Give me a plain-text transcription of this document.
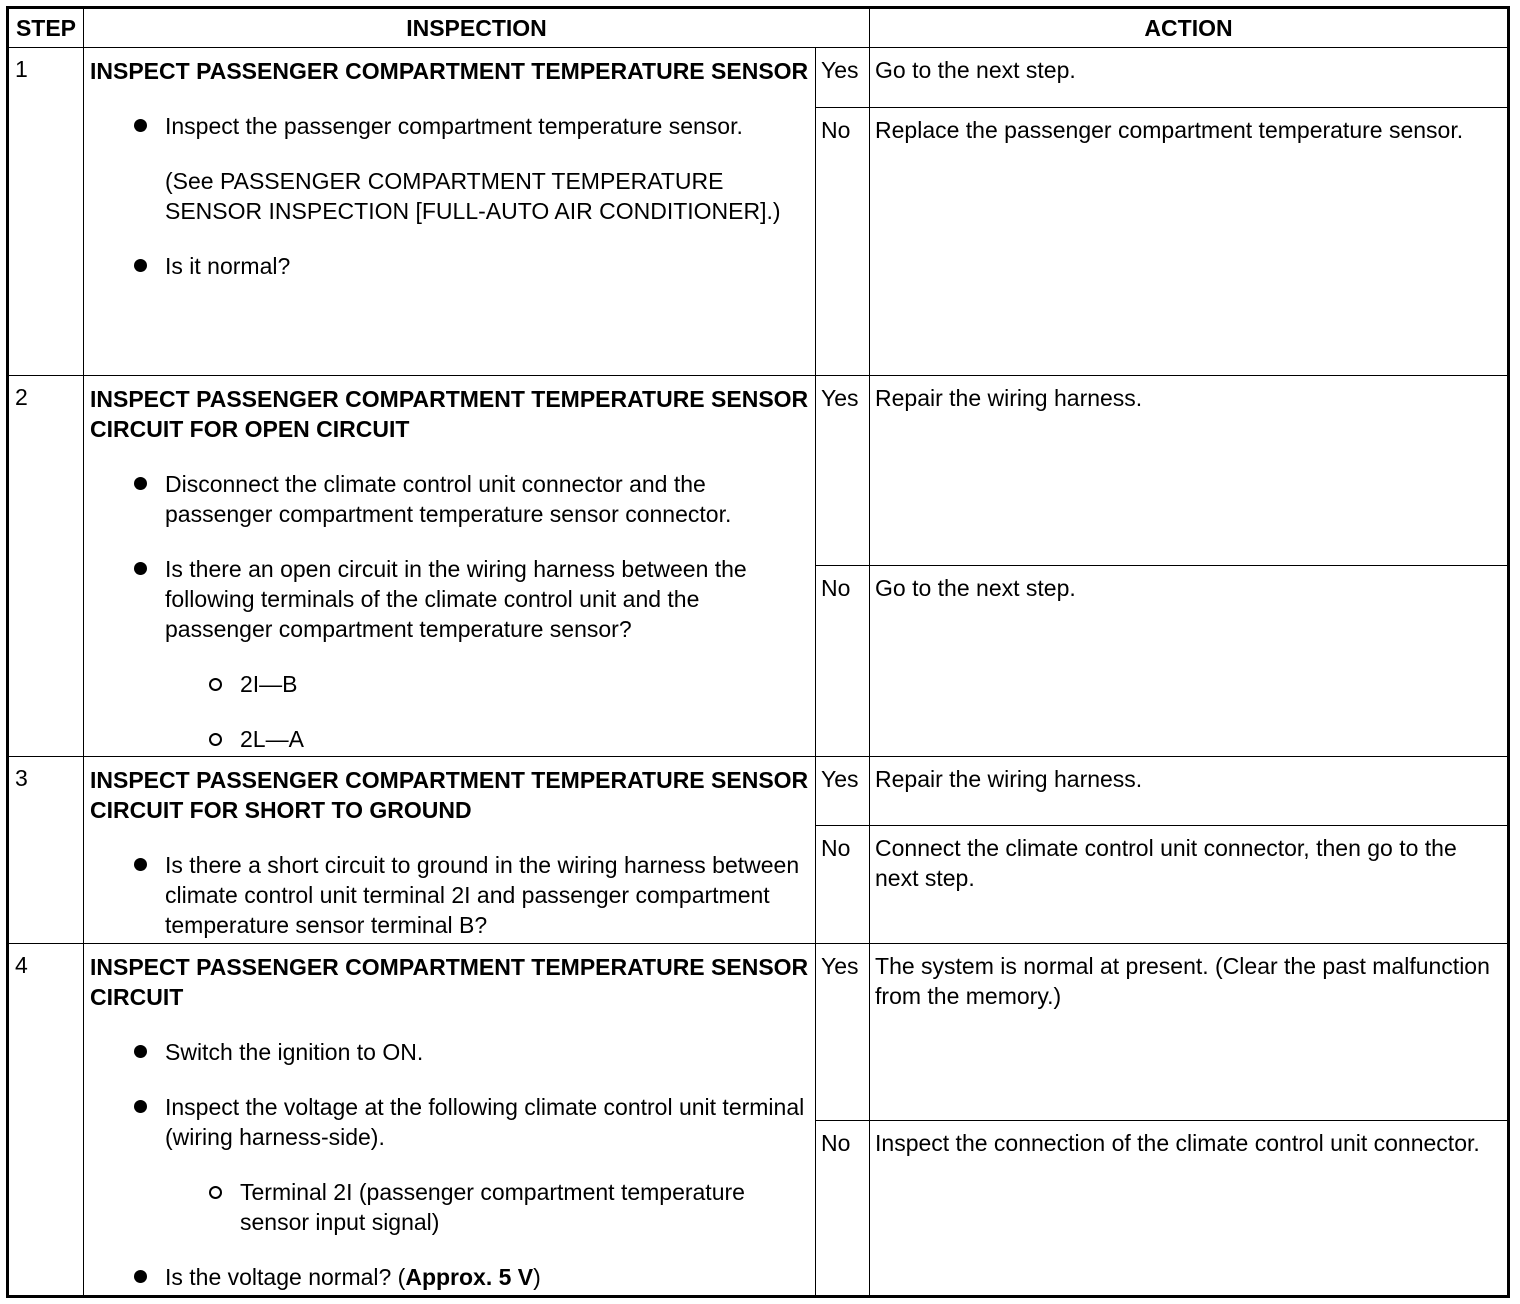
STEP	INSPECTION		ACTION
1	INSPECT PASSENGER COMPARTMENT TEMPERATURE SENSOR
Inspect the passenger compartment temperature sensor.
(See PASSENGER COMPARTMENT TEMPERATURE SENSOR INSPECTION [FULL-AUTO AIR CONDITIONER].)
Is it normal?	Yes	Go to the next step.
		No	Replace the passenger compartment temperature sensor.
2	INSPECT PASSENGER COMPARTMENT TEMPERATURE SENSOR CIRCUIT FOR OPEN CIRCUIT
Disconnect the climate control unit connector and the passenger compartment temperature sensor connector.
Is there an open circuit in the wiring harness between the following terminals of the climate control unit and the passenger compartment temperature sensor?
2I—B
2L—A	Yes	Repair the wiring harness.
		No	Go to the next step.
3	INSPECT PASSENGER COMPARTMENT TEMPERATURE SENSOR CIRCUIT FOR SHORT TO GROUND
Is there a short circuit to ground in the wiring harness between climate control unit terminal 2I and passenger compartment temperature sensor terminal B?	Yes	Repair the wiring harness.
		No	Connect the climate control unit connector, then go to the next step.
4	INSPECT PASSENGER COMPARTMENT TEMPERATURE SENSOR CIRCUIT
Switch the ignition to ON.
Inspect the voltage at the following climate control unit terminal (wiring harness-side).
Terminal 2I (passenger compartment temperature sensor input signal)
Is the voltage normal? (Approx. 5 V)	Yes	The system is normal at present. (Clear the past malfunction from the memory.)
		No	Inspect the connection of the climate control unit connector.
